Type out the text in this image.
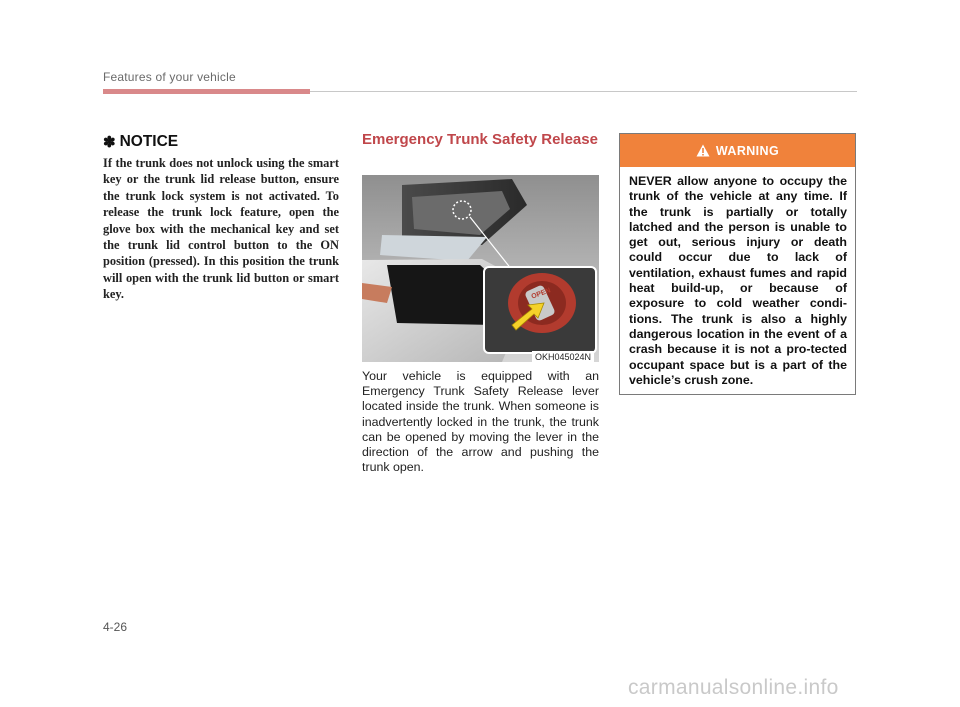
Features of your vehicle
✽ NOTICE

If the trunk does not unlock using the smart key or the trunk lid release button, ensure the trunk lock system is not activated. To release the trunk lock feature, open the glove box with the mechanical key and set the trunk lid control button to the ON position (pressed). In this position the trunk will open with the trunk lid button or smart key.

Emergency Trunk Safety Release
OPEN
OKH045024N

Your vehicle is equipped with an Emergency Trunk Safety Release lever located inside the trunk. When someone is inadvertently locked in the trunk, the trunk can be opened by moving the lever in the direction of the arrow and pushing the trunk open.

WARNING
NEVER allow anyone to occupy the trunk of the vehicle at any time. If the trunk is partially or totally latched and the person is unable to get out, serious injury or death could occur due to lack of ventilation, exhaust fumes and rapid heat build-up, or because of exposure to cold weather condi-tions. The trunk is also a highly dangerous location in the event of a crash because it is not a pro-tected occupant space but is a part of the vehicle’s crush zone.
4-26
carmanualsonline.info
